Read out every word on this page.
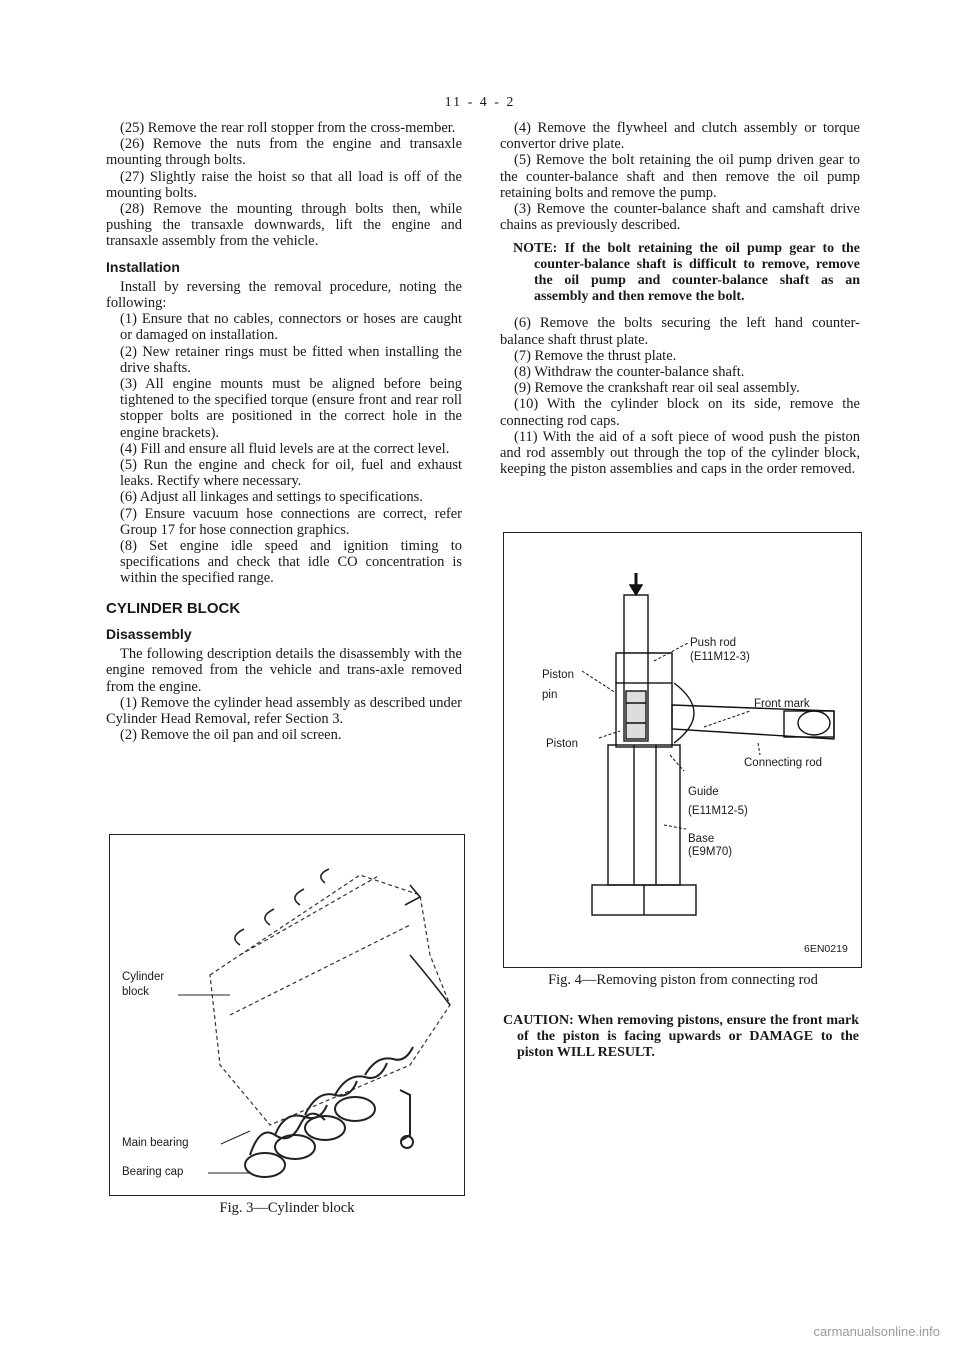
11 - 4 - 2

(25) Remove the rear roll stopper from the cross-member.

(26) Remove the nuts from the engine and transaxle mounting through bolts.

(27) Slightly raise the hoist so that all load is off of the mounting bolts.

(28) Remove the mounting through bolts then, while pushing the transaxle downwards, lift the engine and transaxle assembly from the vehicle.

Installation

Install by reversing the removal procedure, noting the following:

(1) Ensure that no cables, connectors or hoses are caught or damaged on installation.

(2) New retainer rings must be fitted when installing the drive shafts.

(3) All engine mounts must be aligned before being tightened to the specified torque (ensure front and rear roll stopper bolts are positioned in the correct hole in the engine brackets).

(4) Fill and ensure all fluid levels are at the correct level.

(5) Run the engine and check for oil, fuel and exhaust leaks. Rectify where necessary.

(6) Adjust all linkages and settings to specifications.

(7) Ensure vacuum hose connections are correct, refer Group 17 for hose connection graphics.

(8) Set engine idle speed and ignition timing to specifications and check that idle CO concentration is within the specified range.

CYLINDER BLOCK
Disassembly

The following description details the disassembly with the engine removed from the vehicle and trans-axle removed from the engine.

(1) Remove the cylinder head assembly as described under Cylinder Head Removal, refer Section 3.

(2) Remove the oil pan and oil screen.

(4) Remove the flywheel and clutch assembly or torque convertor drive plate.

(5) Remove the bolt retaining the oil pump driven gear to the counter-balance shaft and then remove the oil pump retaining bolts and remove the pump.

(3) Remove the counter-balance shaft and camshaft drive chains as previously described.

NOTE: If the bolt retaining the oil pump gear to the counter-balance shaft is difficult to remove, remove the oil pump and counter-balance shaft as an assembly and then remove the bolt.

(6) Remove the bolts securing the left hand counter-balance shaft thrust plate.

(7) Remove the thrust plate.

(8) Withdraw the counter-balance shaft.

(9) Remove the crankshaft rear oil seal assembly.

(10) With the cylinder block on its side, remove the connecting rod caps.

(11) With the aid of a soft piece of wood push the piston and rod assembly out through the top of the cylinder block, keeping the piston assemblies and caps in the order removed.

Cylinder block
Main bearing
Bearing cap
Fig. 3—Cylinder block
Push rod
(E11M12-3)
Piston pin
Front mark
Piston
Connecting rod
Guide
(E11M12-5)
Base
(E9M70)
6EN0219
Fig. 4—Removing piston from connecting rod

CAUTION: When removing pistons, ensure the front mark of the piston is facing upwards or DAMAGE to the piston WILL RESULT.

carmanualsonline.info
